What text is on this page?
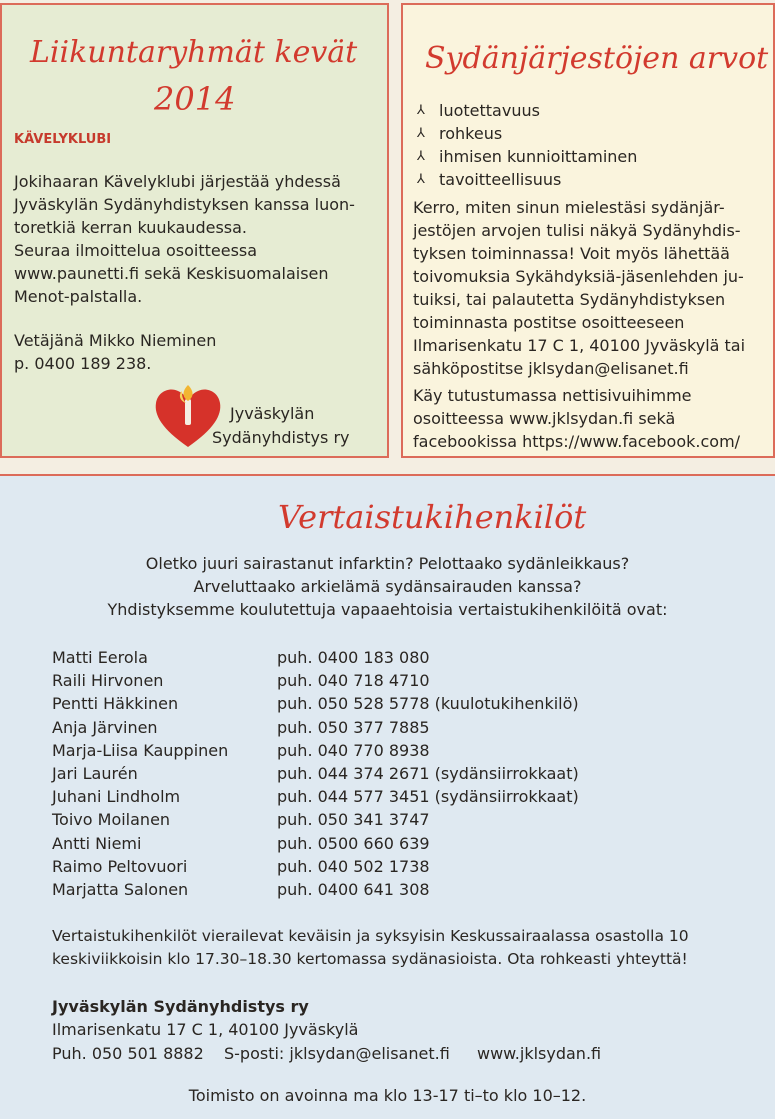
Liikuntaryhmät kevät
2014
KÄVELYKLUBI
Jokihaaran Kävelyklubi järjestää yhdessä
Jyväskylän Sydänyhdistyksen kanssa luon-
toretkiä kerran kuukaudessa.
Seuraa ilmoittelua osoitteessa
www.paunetti.fi sekä Keskisuomalaisen
Menot-palstalla.
Vetäjänä Mikko Nieminen
p. 0400 189 238.
Jyväskylän
Sydänyhdistys ry
Sydänjärjestöjen arvot
⅄ luotettavuus
⅄ rohkeus
⅄ ihmisen kunnioittaminen
⅄ tavoitteellisuus
Kerro, miten sinun mielestäsi sydänjär-
jestöjen arvojen tulisi näkyä Sydänyhdis-
tyksen toiminnassa! Voit myös lähettää
toivomuksia Sykähdyksiä-jäsenlehden ju-
tuiksi, tai palautetta Sydänyhdistyksen
toiminnasta postitse osoitteeseen
Ilmarisenkatu 17 C 1, 40100 Jyväskylä tai
sähköpostitse jklsydan@elisanet.fi
Käy tutustumassa nettisivuihimme
osoitteessa www.jklsydan.fi sekä
facebookissa https://www.facebook.com/
Vertaistukihenkilöt
Oletko juuri sairastanut infarktin? Pelottaako sydänleikkaus?
Arveluttaako arkielämä sydänsairauden kanssa?
Yhdistyksemme koulutettuja vapaaehtoisia vertaistukihenkilöitä ovat:
Matti Eerola	puh. 0400 183 080
Raili Hirvonen	puh. 040 718 4710
Pentti Häkkinen	puh. 050 528 5778 (kuulotukihenkilö)
Anja Järvinen	puh. 050 377 7885
Marja-Liisa Kauppinen	puh. 040 770 8938
Jari Laurén	puh. 044 374 2671 (sydänsiirrokkaat)
Juhani Lindholm	puh. 044 577 3451 (sydänsiirrokkaat)
Toivo Moilanen	puh. 050 341 3747
Antti Niemi	puh. 0500 660 639
Raimo Peltovuori	puh. 040 502 1738
Marjatta Salonen	puh. 0400 641 308
Vertaistukihenkilöt vierailevat keväisin ja syksyisin Keskussairaalassa osastolla 10
keskiviikkoisin klo 17.30–18.30 kertomassa sydänasioista. Ota rohkeasti yhteyttä!
Jyväskylän Sydänyhdistys ry
Ilmarisenkatu 17 C 1, 40100 Jyväskylä
Puh. 050 501 8882 S-posti: jklsydan@elisanet.fi www.jklsydan.fi
Toimisto on avoinna ma klo 13-17 ti–to klo 10–12.
